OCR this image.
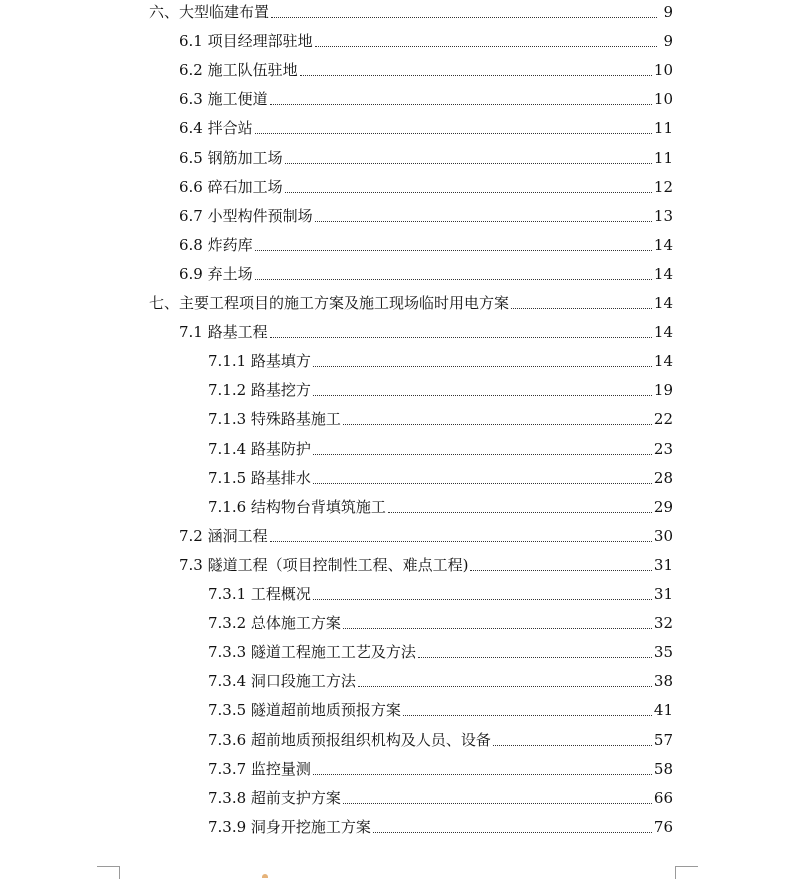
六、大型临建布置	9
6.1 项目经理部驻地	9
6.2 施工队伍驻地	10
6.3 施工便道	10
6.4 拌合站	11
6.5 钢筋加工场	11
6.6 碎石加工场	12
6.7 小型构件预制场	13
6.8 炸药库	14
6.9 弃土场	14
七、主要工程项目的施工方案及施工现场临时用电方案	14
7.1 路基工程	14
7.1.1 路基填方	14
7.1.2 路基挖方	19
7.1.3 特殊路基施工	22
7.1.4 路基防护	23
7.1.5 路基排水	28
7.1.6 结构物台背填筑施工	29
7.2 涵洞工程	30
7.3 隧道工程（项目控制性工程、难点工程)	31
7.3.1 工程概况	31
7.3.2 总体施工方案	32
7.3.3 隧道工程施工工艺及方法	35
7.3.4 洞口段施工方法	38
7.3.5 隧道超前地质预报方案	41
7.3.6 超前地质预报组织机构及人员、设备	57
7.3.7 监控量测	58
7.3.8 超前支护方案	66
7.3.9 洞身开挖施工方案	76
